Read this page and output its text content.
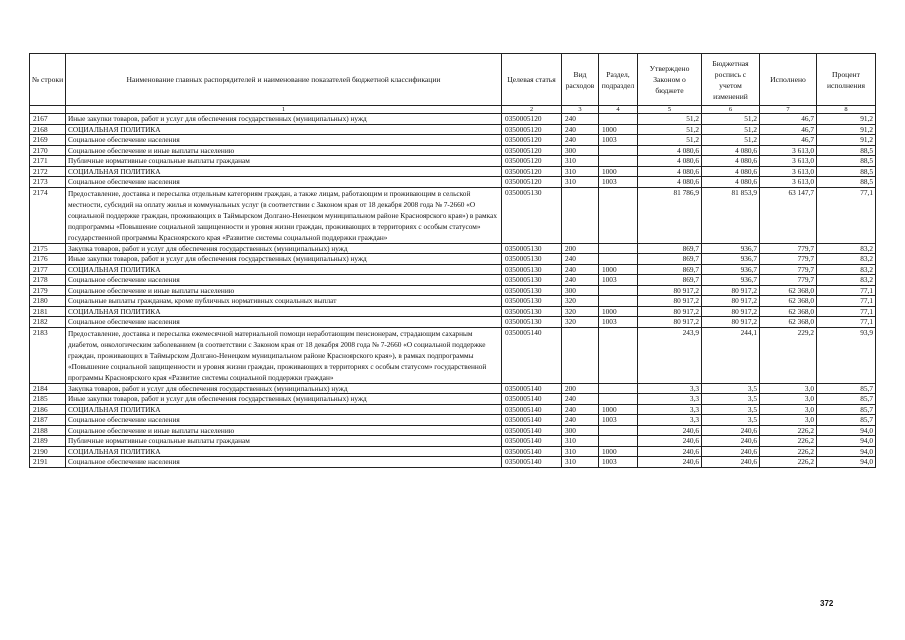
№ строки	Наименование главных распорядителей и наименование показателей бюджетной классификации	Целевая статья	Вид расходов	Раздел, подраздел	Утверждено Законом о бюджете	Бюджетная роспись с учетом изменений	Исполнено	Процент исполнения
	1	2	3	4	5	6	7	8
2167	Иные закупки товаров, работ и услуг для обеспечения государственных (муниципальных) нужд	0350005120	240		51,2	51,2	46,7	91,2
2168	СОЦИАЛЬНАЯ ПОЛИТИКА	0350005120	240	1000	51,2	51,2	46,7	91,2
2169	Социальное обеспечение населения	0350005120	240	1003	51,2	51,2	46,7	91,2
2170	Социальное обеспечение и иные выплаты населению	0350005120	300		4 080,6	4 080,6	3 613,0	88,5
2171	Публичные нормативные социальные выплаты гражданам	0350005120	310		4 080,6	4 080,6	3 613,0	88,5
2172	СОЦИАЛЬНАЯ ПОЛИТИКА	0350005120	310	1000	4 080,6	4 080,6	3 613,0	88,5
2173	Социальное обеспечение населения	0350005120	310	1003	4 080,6	4 080,6	3 613,0	88,5
2174	Предоставление, доставка и пересылка отдельным категориям граждан, а также лицам, работающим и проживающим в сельской местности, субсидий на оплату жилья и коммунальных услуг (в соответствии с Законом края от 18 декабря 2008 года № 7-2660 «О социальной поддержке граждан, проживающих в Таймырском Долгано-Ненецком муниципальном районе Красноярского края») в рамках подпрограммы «Повышение социальной защищенности и уровня жизни граждан, проживающих в территориях с особым статусом» государственной программы Красноярского края «Развитие системы социальной поддержки граждан»	0350005130			81 786,9	81 853,9	63 147,7	77,1
2175	Закупка товаров, работ и услуг для обеспечения государственных (муниципальных) нужд	0350005130	200		869,7	936,7	779,7	83,2
2176	Иные закупки товаров, работ и услуг для обеспечения государственных (муниципальных) нужд	0350005130	240		869,7	936,7	779,7	83,2
2177	СОЦИАЛЬНАЯ ПОЛИТИКА	0350005130	240	1000	869,7	936,7	779,7	83,2
2178	Социальное обеспечение населения	0350005130	240	1003	869,7	936,7	779,7	83,2
2179	Социальное обеспечение и иные выплаты населению	0350005130	300		80 917,2	80 917,2	62 368,0	77,1
2180	Социальные выплаты гражданам, кроме публичных нормативных социальных выплат	0350005130	320		80 917,2	80 917,2	62 368,0	77,1
2181	СОЦИАЛЬНАЯ ПОЛИТИКА	0350005130	320	1000	80 917,2	80 917,2	62 368,0	77,1
2182	Социальное обеспечение населения	0350005130	320	1003	80 917,2	80 917,2	62 368,0	77,1
2183	Предоставление, доставка и пересылка ежемесячной материальной помощи неработающим пенсионерам, страдающим сахарным диабетом, онкологическим заболеванием (в соответствии с Законом края от 18 декабря 2008 года № 7-2660 «О социальной поддержке граждан, проживающих в Таймырском Долгано-Ненецком муниципальном районе Красноярского края»), в рамках подпрограммы «Повышение социальной защищенности и уровня жизни граждан, проживающих в территориях с особым статусом» государственной программы Красноярского края «Развитие системы социальной поддержки граждан»	0350005140			243,9	244,1	229,2	93,9
2184	Закупка товаров, работ и услуг для обеспечения государственных (муниципальных) нужд	0350005140	200		3,3	3,5	3,0	85,7
2185	Иные закупки товаров, работ и услуг для обеспечения государственных (муниципальных) нужд	0350005140	240		3,3	3,5	3,0	85,7
2186	СОЦИАЛЬНАЯ ПОЛИТИКА	0350005140	240	1000	3,3	3,5	3,0	85,7
2187	Социальное обеспечение населения	0350005140	240	1003	3,3	3,5	3,0	85,7
2188	Социальное обеспечение и иные выплаты населению	0350005140	300		240,6	240,6	226,2	94,0
2189	Публичные нормативные социальные выплаты гражданам	0350005140	310		240,6	240,6	226,2	94,0
2190	СОЦИАЛЬНАЯ ПОЛИТИКА	0350005140	310	1000	240,6	240,6	226,2	94,0
2191	Социальное обеспечение населения	0350005140	310	1003	240,6	240,6	226,2	94,0
372
